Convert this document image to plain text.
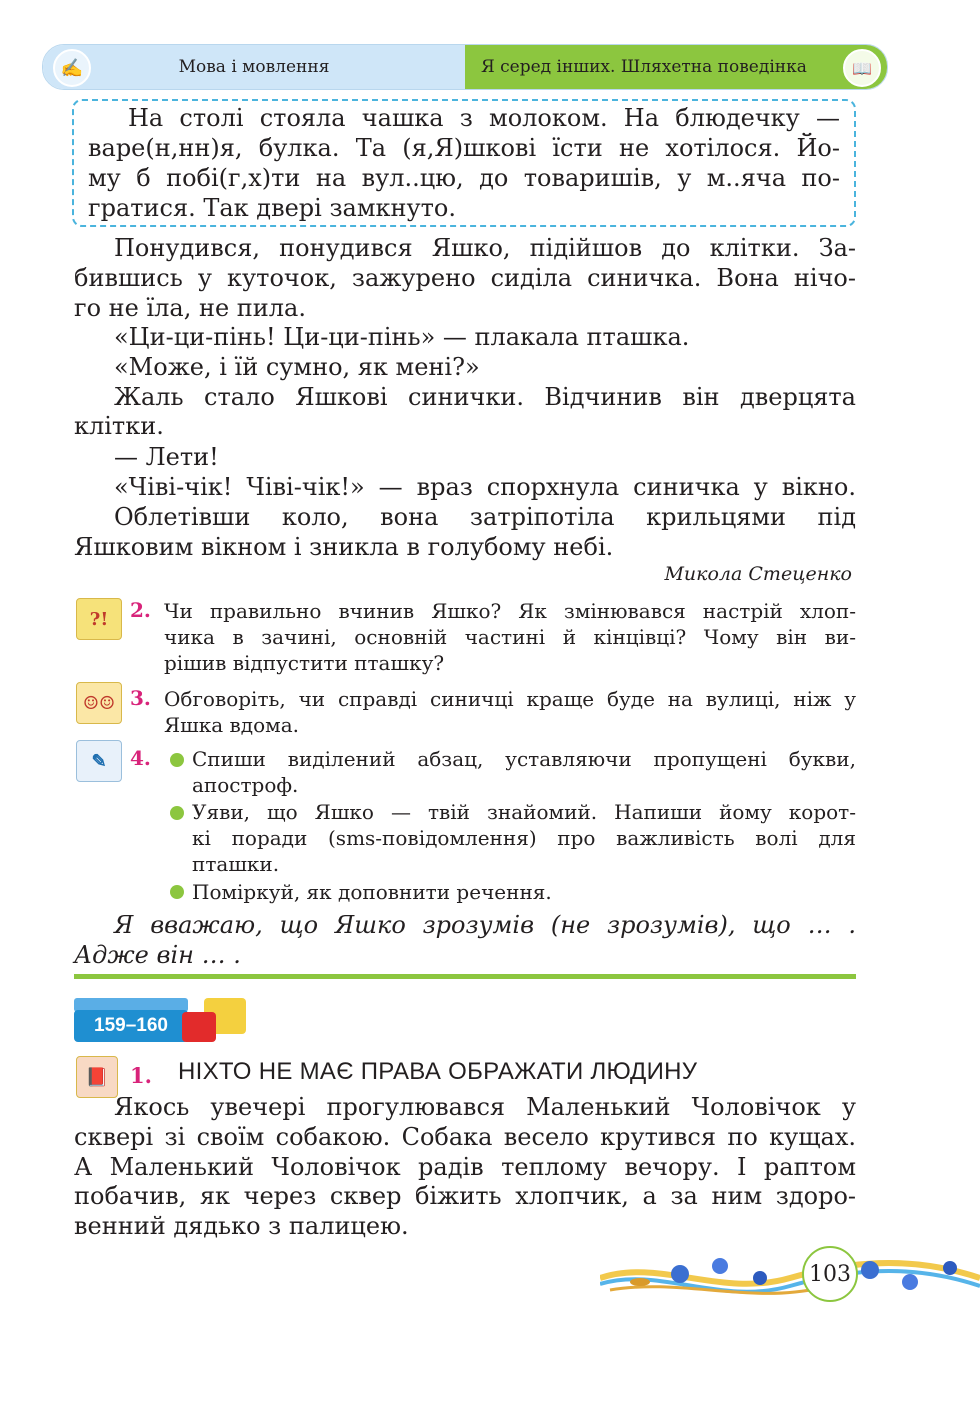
✍	Мова і мовлення	Я серед інших. Шляхетна поведінка	📖
На столі стояла чашка з молоком. На блюдечку —
варе(н,нн)я, булка. Та (я,Я)шкові їсти не хотілося. Йо-
му б побі(г,х)ти на вул..цю, до товаришів, у м..яча по-
гратися. Так двері замкнуто.
Понудився, понудився Яшко, підійшов до клітки. За-
бившись у куточок, зажурено сиділа синичка. Вона нічо-
го не їла, не пила.
«Ци-ци-пінь! Ци-ци-пінь» — плакала пташка.
«Може, і їй сумно, як мені?»
Жаль стало Яшкові синички. Відчинив він дверцята
клітки.
— Лети!
«Чіві-чік! Чіві-чік!» — враз спорхнула синичка у вікно.
Облетівши коло, вона затріпотіла крильцями під
Яшковим вікном і зникла в голубому небі.
Микола Стеценко
?!	2. Чи правильно вчинив Яшко? Як змінювався настрій хлоп-
чика в зачині, основній частині й кінцівці? Чому він ви-
рішив відпустити пташку?
☺☺ 3. Обговоріть, чи справді синичці краще буде на вулиці, ніж у
Яшка вдома.
✎	4. Спиши виділений абзац, уставляючи пропущені букви,
апостроф.
Уяви, що Яшко — твій знайомий. Напиши йому корот-
кі поради (sms-повідомлення) про важливість волі для
пташки.
Поміркуй, як доповнити речення.
Я вважаю, що Яшко зрозумів (не зрозумів), що … .
Адже він … .
159–160
📕	1. НІХТО НЕ МАЄ ПРАВА ОБРАЖАТИ ЛЮДИНУ
Якось увечері прогулювався Маленький Чоловічок у
сквері зі своїм собакою. Собака весело крутився по кущах.
А Маленький Чоловічок радів теплому вечору. І раптом
побачив, як через сквер біжить хлопчик, а за ним здоро-
венний дядько з палицею.
103
